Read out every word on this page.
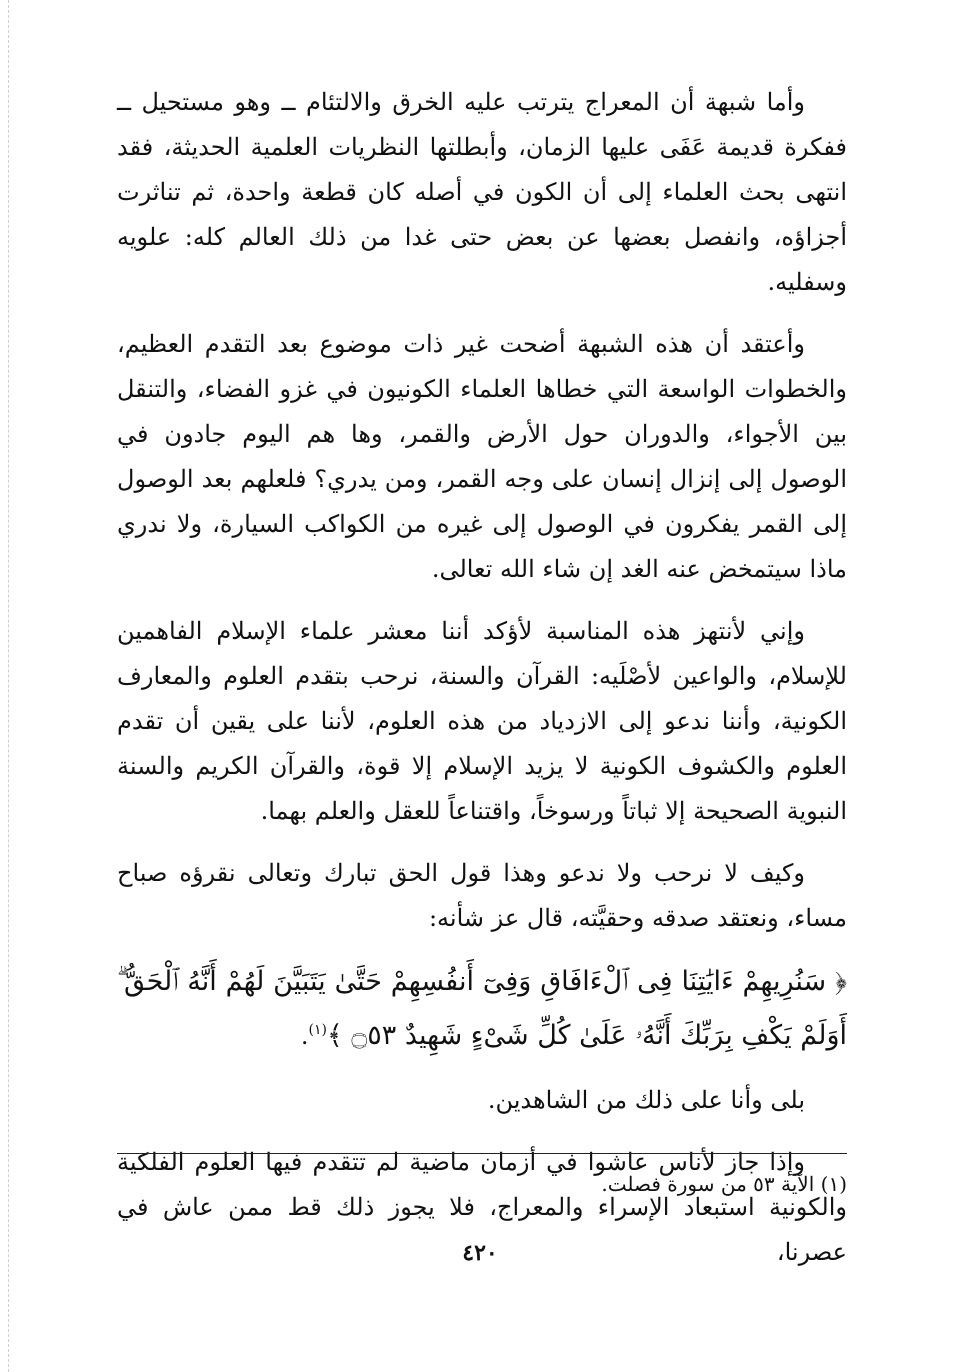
وأما شبهة أن المعراج يترتب عليه الخرق والالتئام ــ وهو مستحيل ــ ففكرة قديمة عَفَى عليها الزمان، وأبطلتها النظريات العلمية الحديثة، فقد انتهى بحث العلماء إلى أن الكون في أصله كان قطعة واحدة، ثم تناثرت أجزاؤه، وانفصل بعضها عن بعض حتى غدا من ذلك العالم كله: علويه وسفليه.

وأعتقد أن هذه الشبهة أضحت غير ذات موضوع بعد التقدم العظيم، والخطوات الواسعة التي خطاها العلماء الكونيون في غزو الفضاء، والتنقل بين الأجواء، والدوران حول الأرض والقمر، وها هم اليوم جادون في الوصول إلى إنزال إنسان على وجه القمر، ومن يدري؟ فلعلهم بعد الوصول إلى القمر يفكرون في الوصول إلى غيره من الكواكب السيارة، ولا ندري ماذا سيتمخض عنه الغد إن شاء الله تعالى.

وإني لأنتهز هذه المناسبة لأؤكد أننا معشر علماء الإسلام الفاهمين للإسلام، والواعين لأصْلَيه: القرآن والسنة، نرحب بتقدم العلوم والمعارف الكونية، وأننا ندعو إلى الازدياد من هذه العلوم، لأننا على يقين أن تقدم العلوم والكشوف الكونية لا يزيد الإسلام إلا قوة، والقرآن الكريم والسنة النبوية الصحيحة إلا ثباتاً ورسوخاً، واقتناعاً للعقل والعلم بهما.

وكيف لا نرحب ولا ندعو وهذا قول الحق تبارك وتعالى نقرؤه صباح مساء، ونعتقد صدقه وحقيَّته، قال عز شأنه:

﴿ سَنُرِيهِمْ ءَايَٰتِنَا فِى ٱلْءَافَاقِ وَفِىٓ أَنفُسِهِمْ حَتَّىٰ يَتَبَيَّنَ لَهُمْ أَنَّهُ ٱلْحَقُّ ۗ أَوَلَمْ يَكْفِ بِرَبِّكَ أَنَّهُۥ عَلَىٰ كُلِّ شَىْءٍ شَهِيدٌ ۝٥٣ ﴾$^{(١)}$.

بلى وأنا على ذلك من الشاهدين.

وإذا جاز لأناس عاشوا في أزمان ماضية لم تتقدم فيها العلوم الفلكية والكونية استبعاد الإسراء والمعراج، فلا يجوز ذلك قط ممن عاش في عصرنا،

(١) الآية ٥٣ من سورة فصلت.
٤٢٠
